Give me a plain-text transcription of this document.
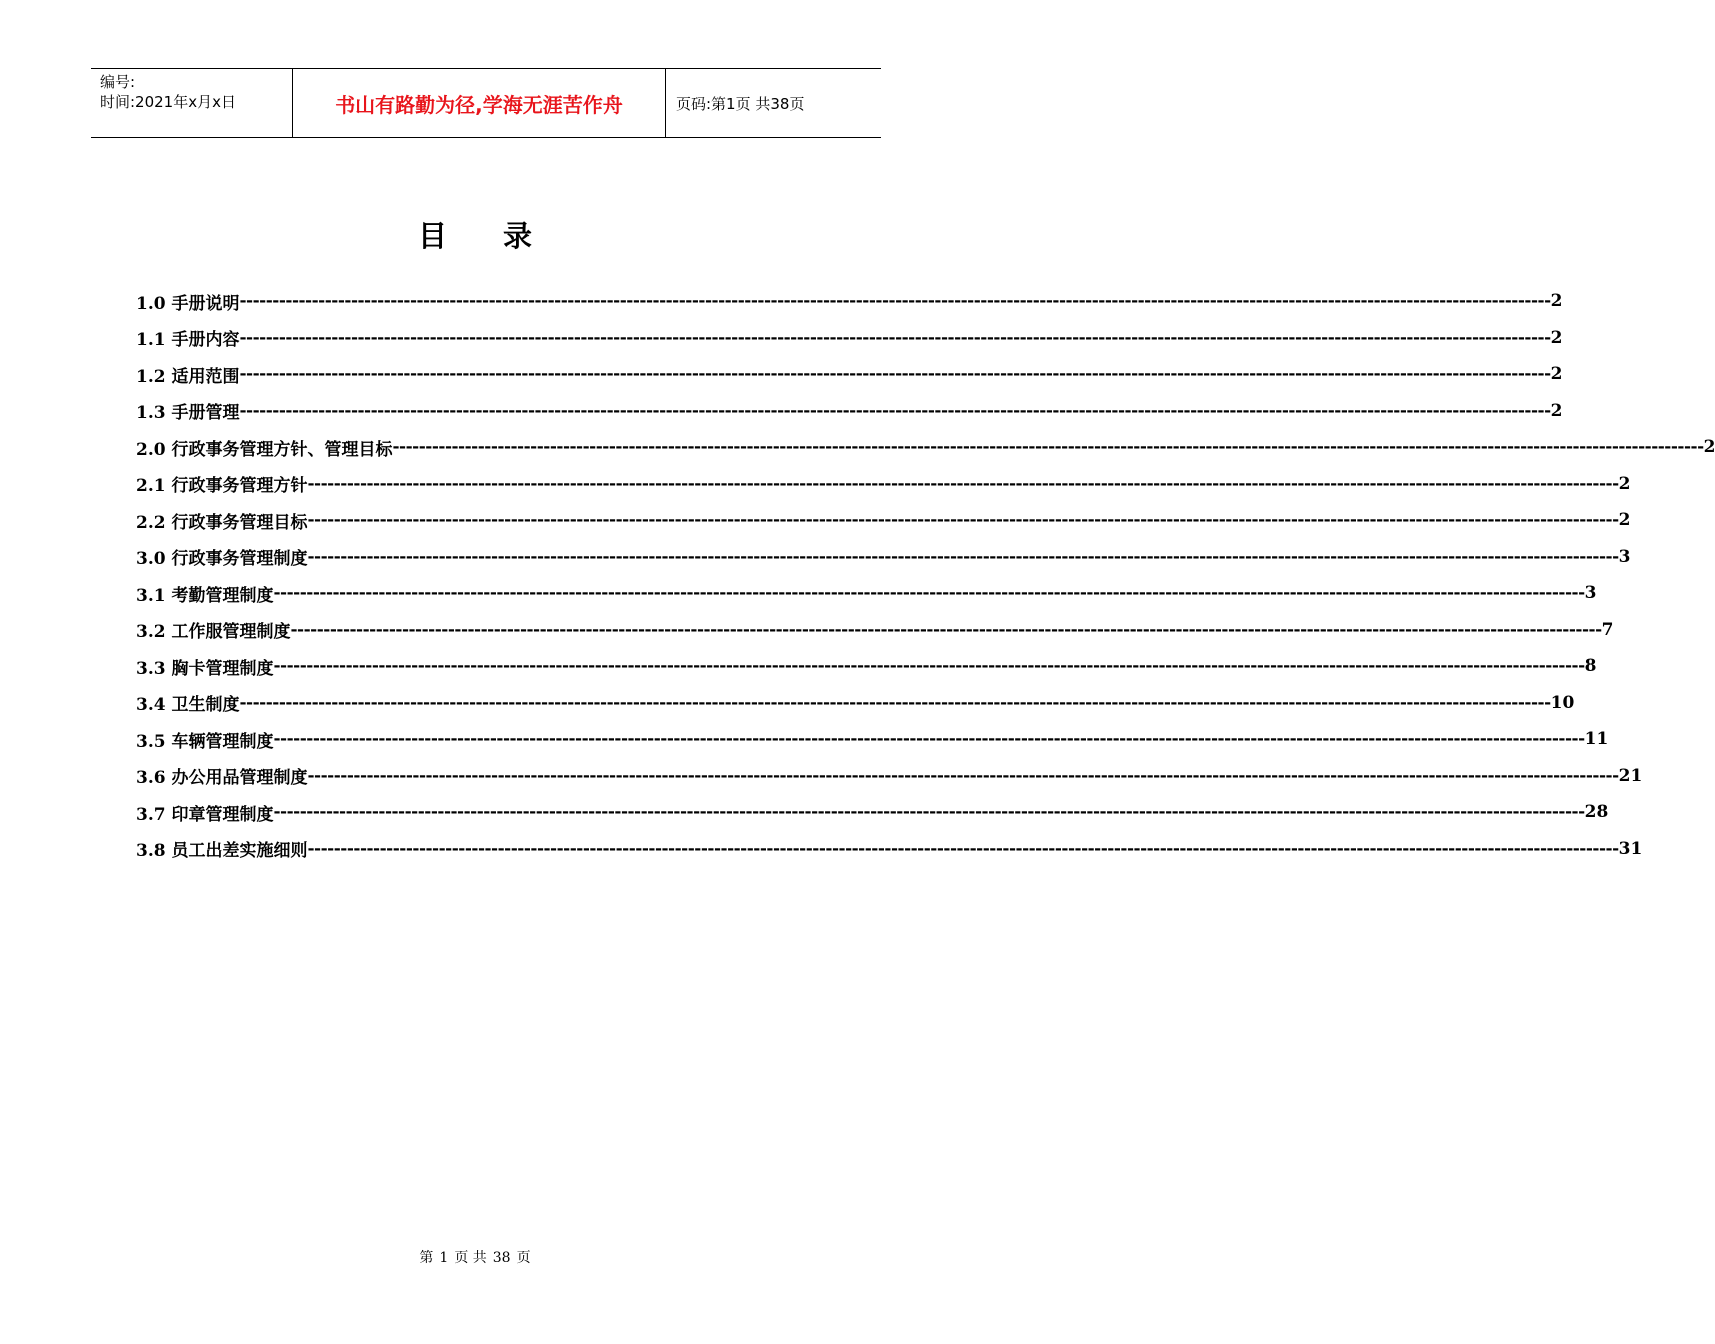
编号:
时间:2021年x月x日	书山有路勤为径,学海无涯苦作舟	页码:第1页 共38页
目 录
1.0 手册说明 -------------------------------------------------------------------------------------------------------------------------------------------------------------------------------------------------------- 2
1.1 手册内容 -------------------------------------------------------------------------------------------------------------------------------------------------------------------------------------------------------- 2
1.2 适用范围 -------------------------------------------------------------------------------------------------------------------------------------------------------------------------------------------------------- 2
1.3 手册管理 -------------------------------------------------------------------------------------------------------------------------------------------------------------------------------------------------------- 2
2.0 行政事务管理方针、管理目标 -------------------------------------------------------------------------------------------------------------------------------------------------------------------------------------------------------- 2
2.1 行政事务管理方针 -------------------------------------------------------------------------------------------------------------------------------------------------------------------------------------------------------- 2
2.2 行政事务管理目标 -------------------------------------------------------------------------------------------------------------------------------------------------------------------------------------------------------- 2
3.0 行政事务管理制度 -------------------------------------------------------------------------------------------------------------------------------------------------------------------------------------------------------- 3
3.1 考勤管理制度 -------------------------------------------------------------------------------------------------------------------------------------------------------------------------------------------------------- 3
3.2 工作服管理制度 -------------------------------------------------------------------------------------------------------------------------------------------------------------------------------------------------------- 7
3.3 胸卡管理制度 -------------------------------------------------------------------------------------------------------------------------------------------------------------------------------------------------------- 8
3.4 卫生制度 -------------------------------------------------------------------------------------------------------------------------------------------------------------------------------------------------------- 10
3.5 车辆管理制度 -------------------------------------------------------------------------------------------------------------------------------------------------------------------------------------------------------- 11
3.6 办公用品管理制度 -------------------------------------------------------------------------------------------------------------------------------------------------------------------------------------------------------- 21
3.7 印章管理制度 -------------------------------------------------------------------------------------------------------------------------------------------------------------------------------------------------------- 28
3.8 员工出差实施细则 -------------------------------------------------------------------------------------------------------------------------------------------------------------------------------------------------------- 31
第 1 页 共 38 页
